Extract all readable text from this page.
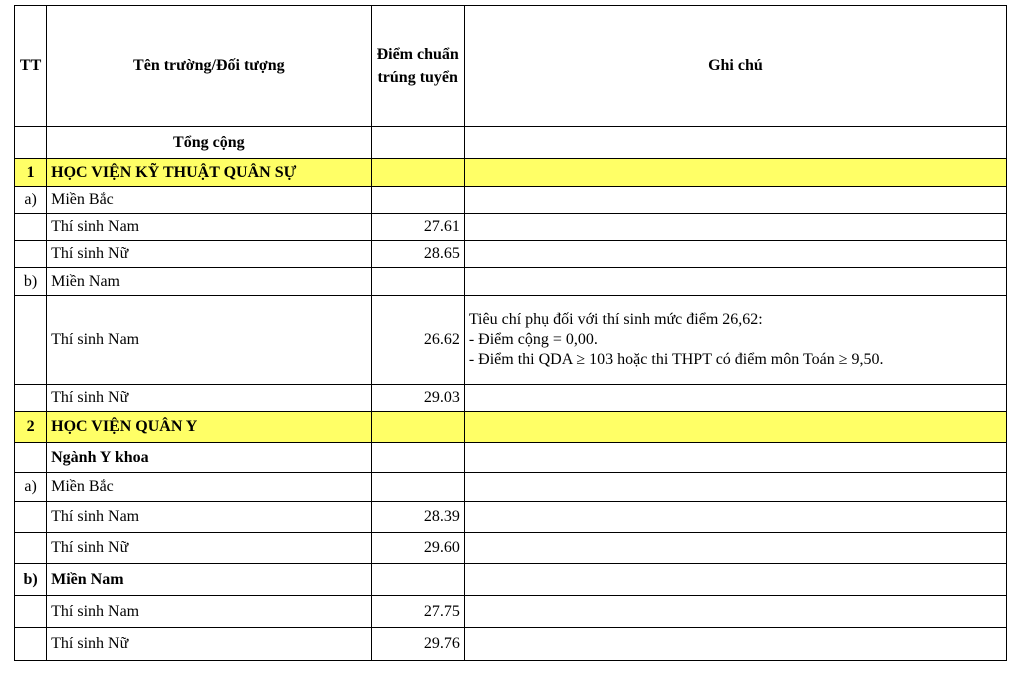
TT	Tên trường/Đối tượng	Điểm chuẩn
trúng tuyển	Ghi chú
	Tổng cộng		
1	HỌC VIỆN KỸ THUẬT QUÂN SỰ		
a)	Miền Bắc		
	Thí sinh Nam	27.61	
	Thí sinh Nữ	28.65	
b)	Miền Nam		
	Thí sinh Nam	26.62	Tiêu chí phụ đối với thí sinh mức điểm 26,62:
- Điểm cộng = 0,00.
- Điểm thi QDA ≥ 103 hoặc thi THPT có điểm môn Toán ≥ 9,50.

	Thí sinh Nữ	29.03	
2	HỌC VIỆN QUÂN Y		
	Ngành Y khoa		
a)	Miền Bắc		
	Thí sinh Nam	28.39	
	Thí sinh Nữ	29.60	
b)	Miền Nam		
	Thí sinh Nam	27.75	
	Thí sinh Nữ	29.76	
